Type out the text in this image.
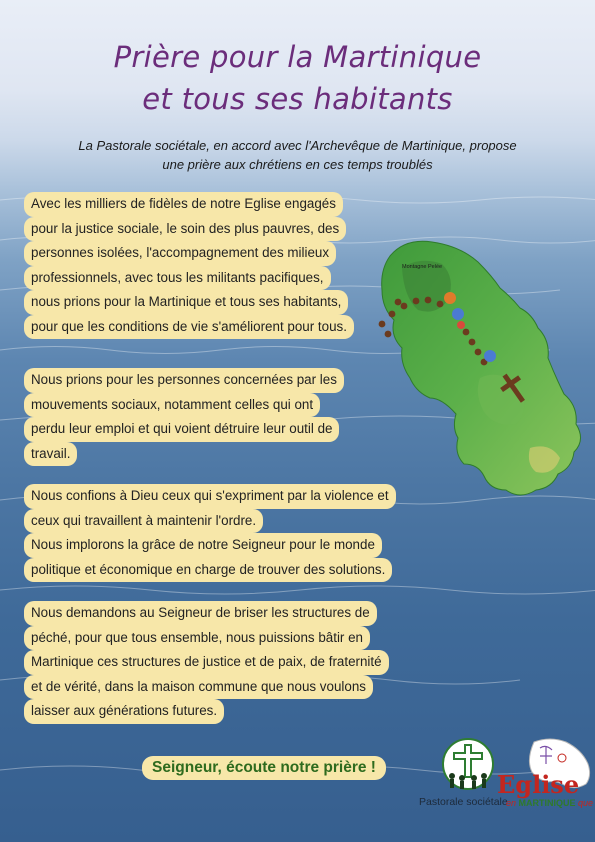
Prière pour la Martinique
et tous ses habitants
La Pastorale sociétale, en accord avec l'Archevêque de Martinique, propose
une prière aux chrétiens en ces temps troublés
Avec les milliers de fidèles de notre Eglise engagés
pour la justice sociale, le soin des plus pauvres, des
personnes isolées, l'accompagnement des milieux
professionnels, avec tous les militants pacifiques,
nous prions pour la Martinique et tous ses habitants,
pour que les conditions de vie s'améliorent pour tous.
Nous prions pour les personnes concernées par les
mouvements sociaux, notamment celles qui ont
perdu leur emploi et qui voient détruire leur outil de
travail.
Nous confions à Dieu ceux qui s'expriment par la violence et
ceux qui travaillent à maintenir l'ordre.
Nous implorons la grâce de notre Seigneur pour le monde
politique et économique en charge de trouver des solutions.
Nous demandons au Seigneur de briser les structures de
péché, pour que tous ensemble, nous puissions bâtir en
Martinique ces structures de justice et de paix, de fraternité
et de vérité, dans la maison commune que nous voulons
laisser aux générations futures.
Seigneur, écoute notre prière !
Montagne Pelée
Pastorale sociétale
Eglise
en MARTINIQUE que
